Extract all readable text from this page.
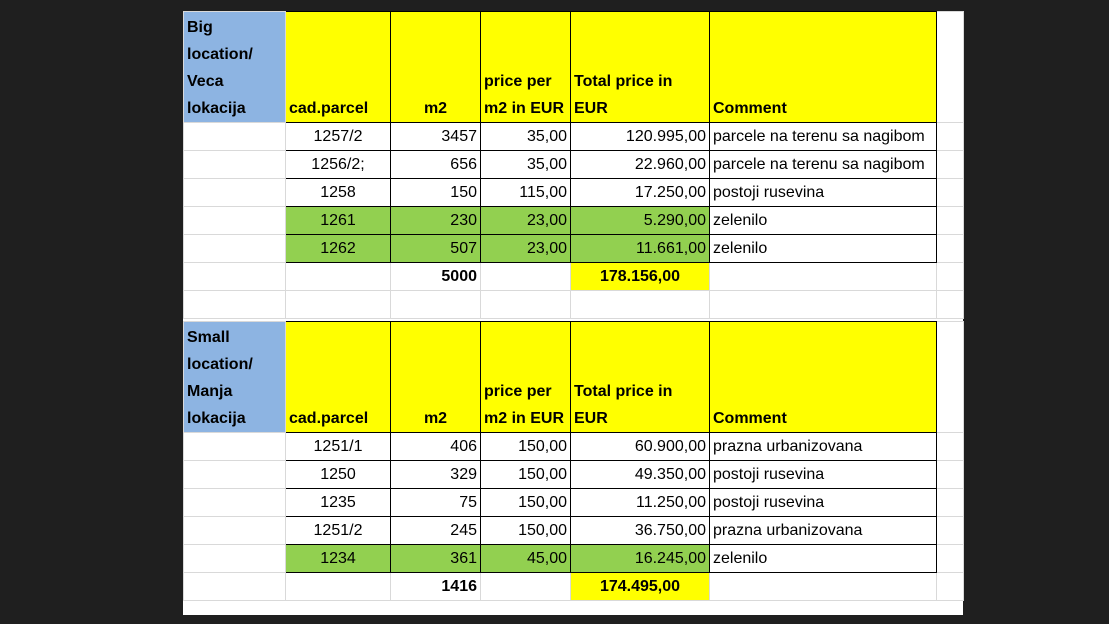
Big location/ Veca lokacija	cad.parcel	m2	price per m2 in EUR	Total price in EUR	Comment	
	1257/2	3457	35,00	120.995,00	parcele na terenu sa nagibom	
	1256/2;	656	35,00	22.960,00	parcele na terenu sa nagibom	
	1258	150	115,00	17.250,00	postoji rusevina	
	1261	230	23,00	5.290,00	zelenilo	
	1262	507	23,00	11.661,00	zelenilo	
		5000		178.156,00		

Small location/ Manja lokacija	cad.parcel	m2	price per m2 in EUR	Total price in EUR	Comment	
	1251/1	406	150,00	60.900,00	prazna urbanizovana	
	1250	329	150,00	49.350,00	postoji rusevina	
	1235	75	150,00	11.250,00	postoji rusevina	
	1251/2	245	150,00	36.750,00	prazna urbanizovana	
	1234	361	45,00	16.245,00	zelenilo	
		1416		174.495,00		
